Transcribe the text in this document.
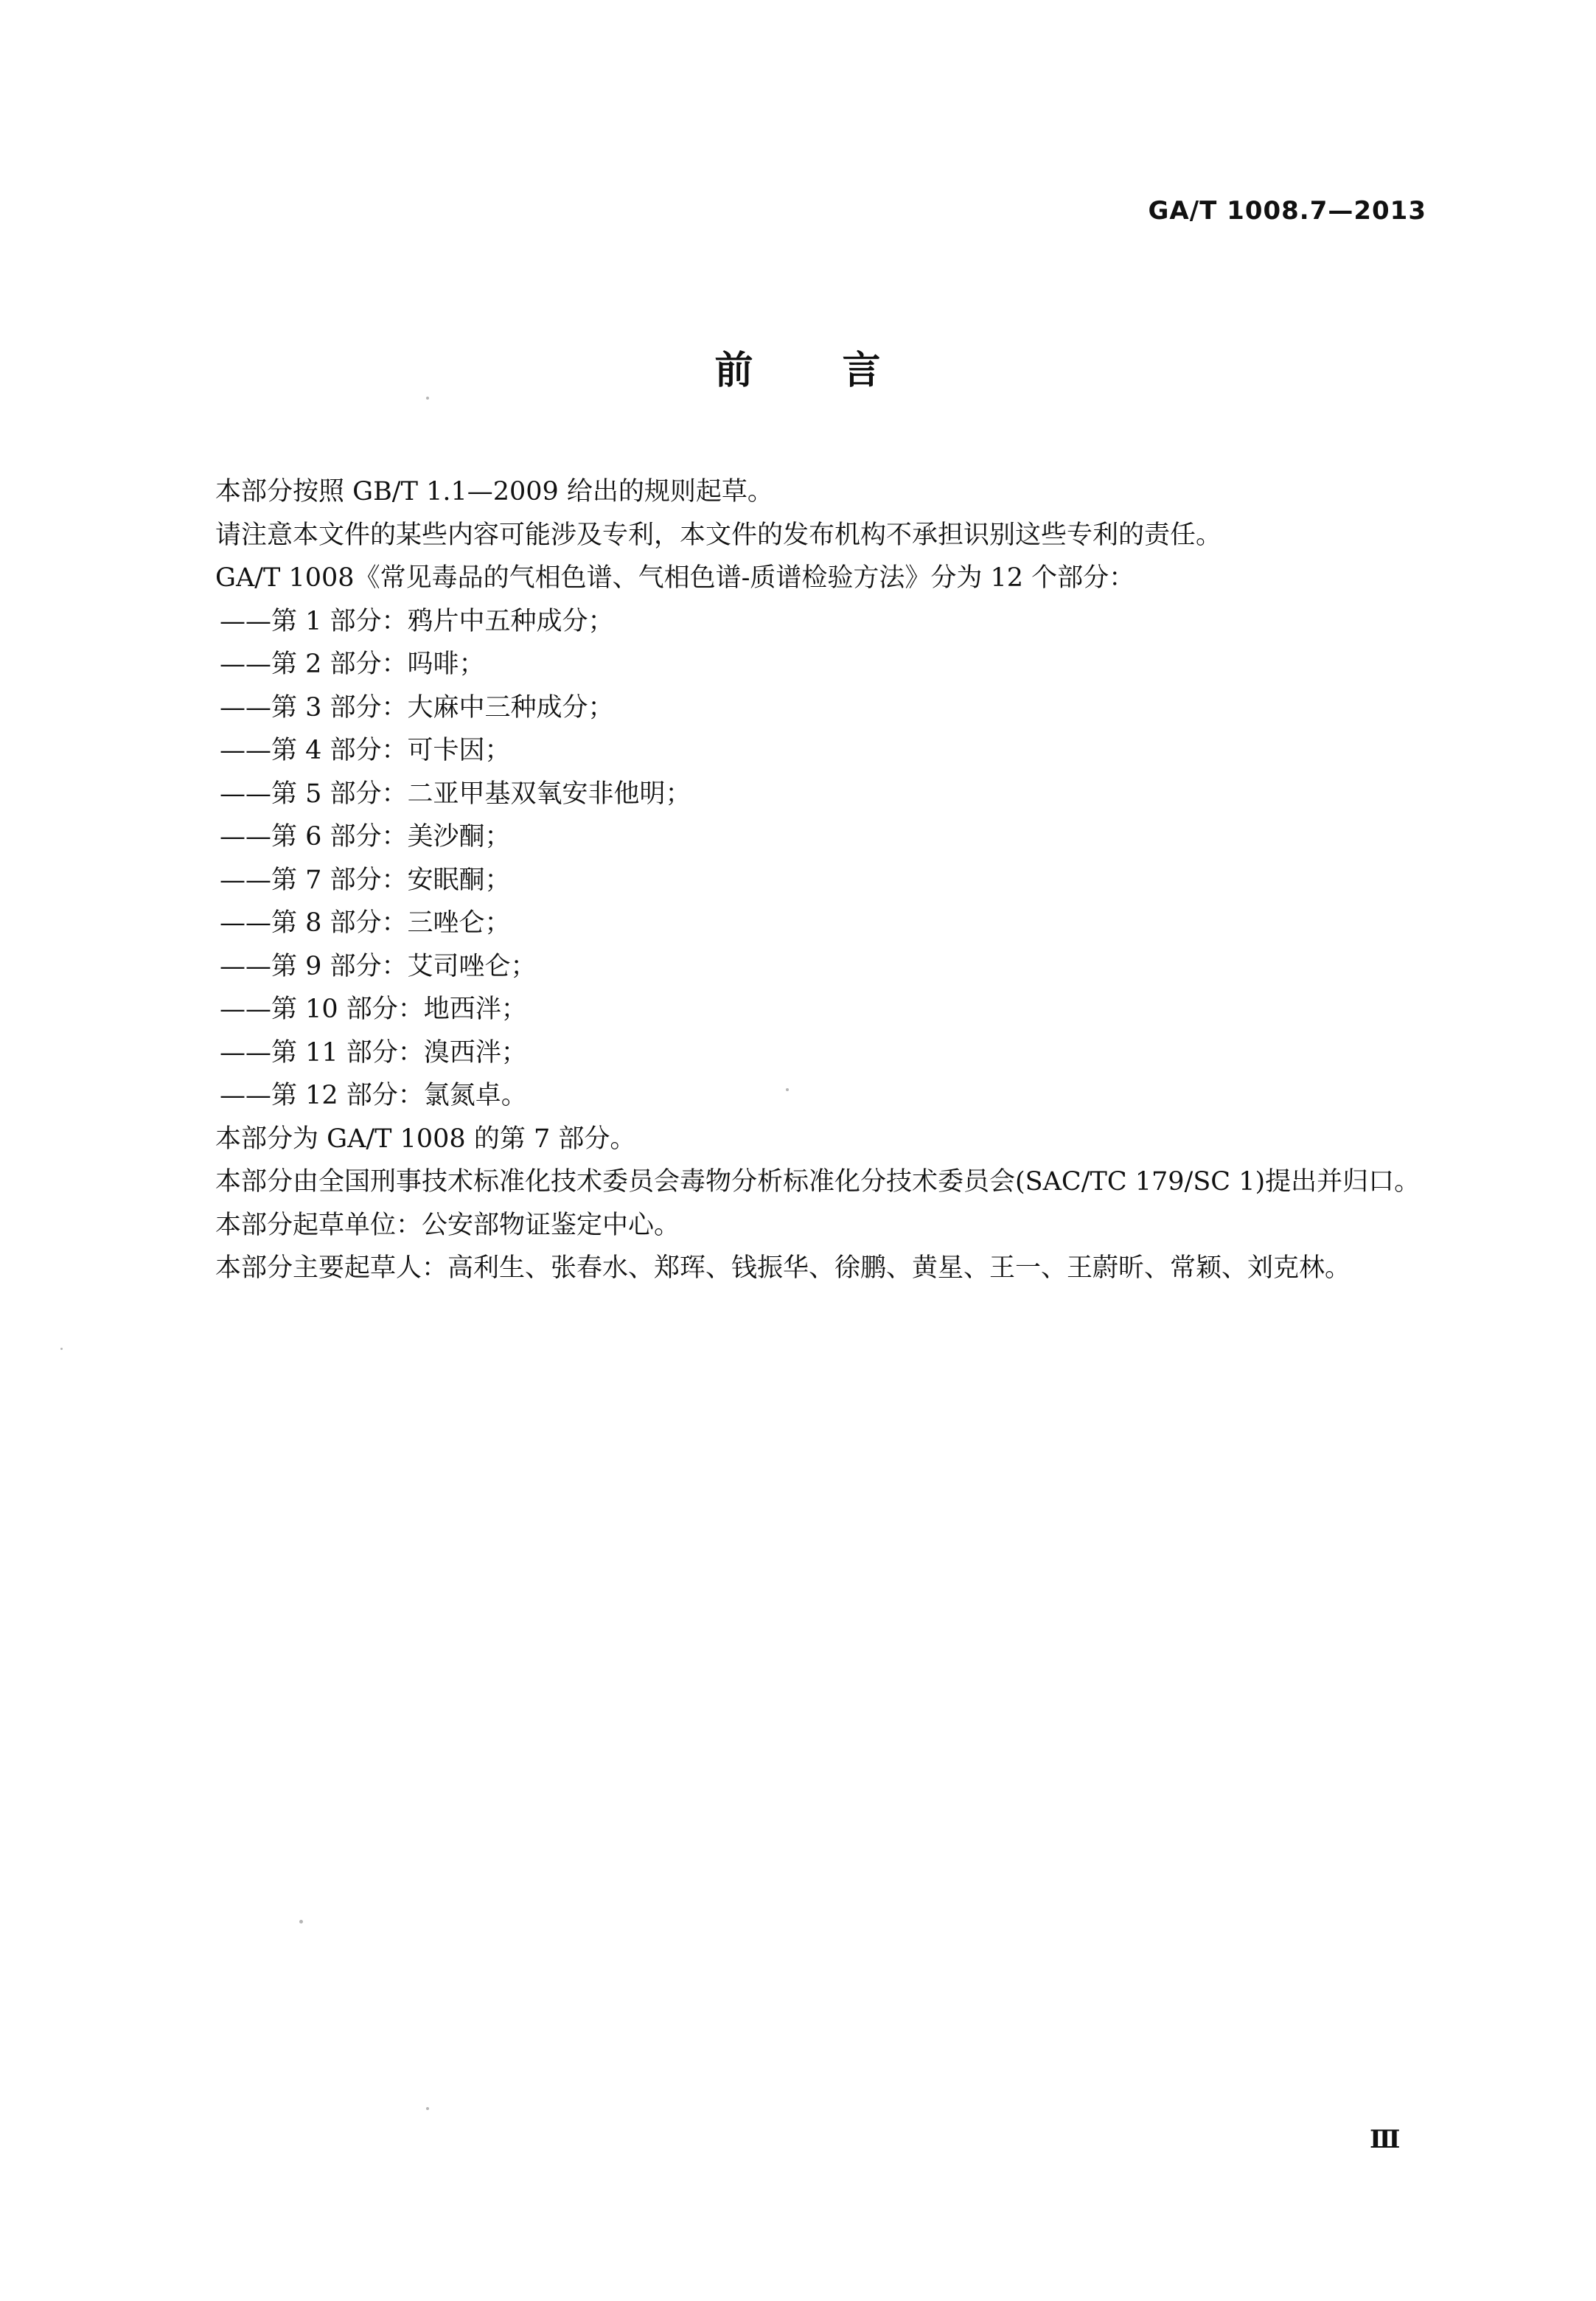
GA/T 1008.7—2013
前 言

本部分按照 GB/T 1.1—2009 给出的规则起草。

请注意本文件的某些内容可能涉及专利，本文件的发布机构不承担识别这些专利的责任。

GA/T 1008《常见毒品的气相色谱、气相色谱-质谱检验方法》分为 12 个部分：

——第 1 部分：鸦片中五种成分；

——第 2 部分：吗啡；

——第 3 部分：大麻中三种成分；

——第 4 部分：可卡因；

——第 5 部分：二亚甲基双氧安非他明；

——第 6 部分：美沙酮；

——第 7 部分：安眠酮；

——第 8 部分：三唑仑；

——第 9 部分：艾司唑仑；

——第 10 部分：地西泮；

——第 11 部分：溴西泮；

——第 12 部分：氯氮卓。

本部分为 GA/T 1008 的第 7 部分。

本部分由全国刑事技术标准化技术委员会毒物分析标准化分技术委员会(SAC/TC 179/SC 1)提出并归口。

本部分起草单位：公安部物证鉴定中心。

本部分主要起草人：高利生、张春水、郑珲、钱振华、徐鹏、黄星、王一、王蔚昕、常颖、刘克林。

Ⅲ
